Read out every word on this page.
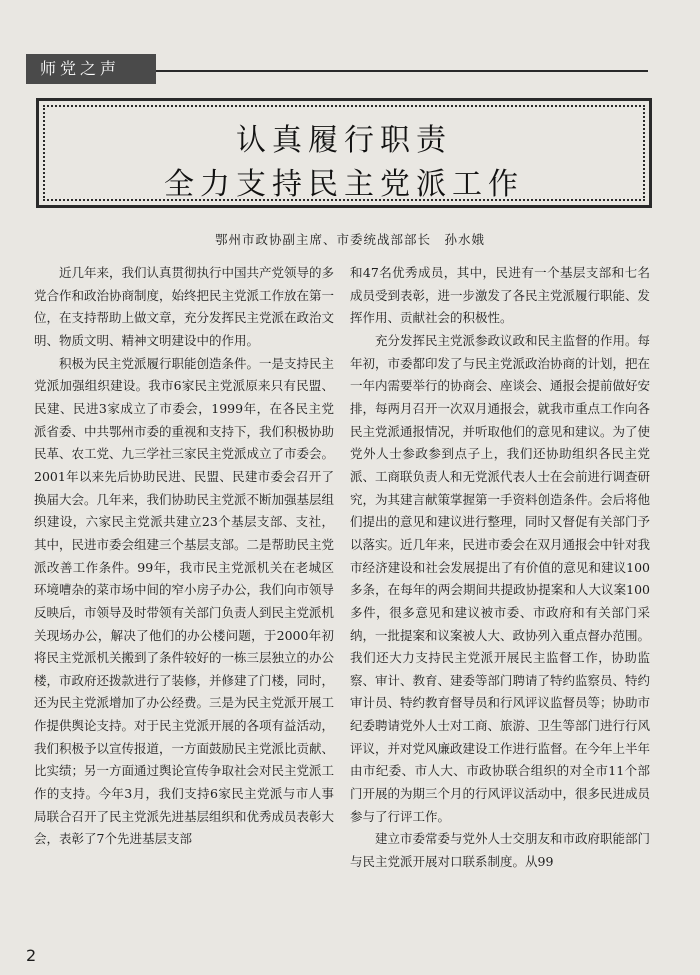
师党之声
认真履行职责
全力支持民主党派工作
鄂州市政协副主席、市委统战部部长　孙水娥

近几年来，我们认真贯彻执行中国共产党领导的多党合作和政治协商制度，始终把民主党派工作放在第一位，在支持帮助上做文章，充分发挥民主党派在政治文明、物质文明、精神文明建设中的作用。

积极为民主党派履行职能创造条件。一是支持民主党派加强组织建设。我市6家民主党派原来只有民盟、民建、民进3家成立了市委会，1999年，在各民主党派省委、中共鄂州市委的重视和支持下，我们积极协助民革、农工党、九三学社三家民主党派成立了市委会。2001年以来先后协助民进、民盟、民建市委会召开了换届大会。几年来，我们协助民主党派不断加强基层组织建设，六家民主党派共建立23个基层支部、支社，其中，民进市委会组建三个基层支部。二是帮助民主党派改善工作条件。99年，我市民主党派机关在老城区环境嘈杂的菜市场中间的窄小房子办公，我们向市领导反映后，市领导及时带领有关部门负责人到民主党派机关现场办公，解决了他们的办公楼问题，于2000年初将民主党派机关搬到了条件较好的一栋三层独立的办公楼，市政府还拨款进行了装修，并修建了门楼，同时，还为民主党派增加了办公经费。三是为民主党派开展工作提供舆论支持。对于民主党派开展的各项有益活动，我们积极予以宣传报道，一方面鼓励民主党派比贡献、比实绩；另一方面通过舆论宣传争取社会对民主党派工作的支持。今年3月，我们支持6家民主党派与市人事局联合召开了民主党派先进基层组织和优秀成员表彰大会，表彰了7个先进基层支部

和47名优秀成员，其中，民进有一个基层支部和七名成员受到表彰，进一步激发了各民主党派履行职能、发挥作用、贡献社会的积极性。

充分发挥民主党派参政议政和民主监督的作用。每年初，市委都印发了与民主党派政治协商的计划，把在一年内需要举行的协商会、座谈会、通报会提前做好安排，每两月召开一次双月通报会，就我市重点工作向各民主党派通报情况，并听取他们的意见和建议。为了使党外人士参政参到点子上，我们还协助组织各民主党派、工商联负责人和无党派代表人士在会前进行调查研究，为其建言献策掌握第一手资料创造条件。会后将他们提出的意见和建议进行整理，同时又督促有关部门予以落实。近几年来，民进市委会在双月通报会中针对我市经济建设和社会发展提出了有价值的意见和建议100多条，在每年的两会期间共提政协提案和人大议案100多件，很多意见和建议被市委、市政府和有关部门采纳，一批提案和议案被人大、政协列入重点督办范围。我们还大力支持民主党派开展民主监督工作，协助监察、审计、教育、建委等部门聘请了特约监察员、特约审计员、特约教育督导员和行风评议监督员等；协助市纪委聘请党外人士对工商、旅游、卫生等部门进行行风评议，并对党风廉政建设工作进行监督。在今年上半年由市纪委、市人大、市政协联合组织的对全市11个部门开展的为期三个月的行风评议活动中，很多民进成员参与了行评工作。

建立市委常委与党外人士交朋友和市政府职能部门与民主党派开展对口联系制度。从99

2
